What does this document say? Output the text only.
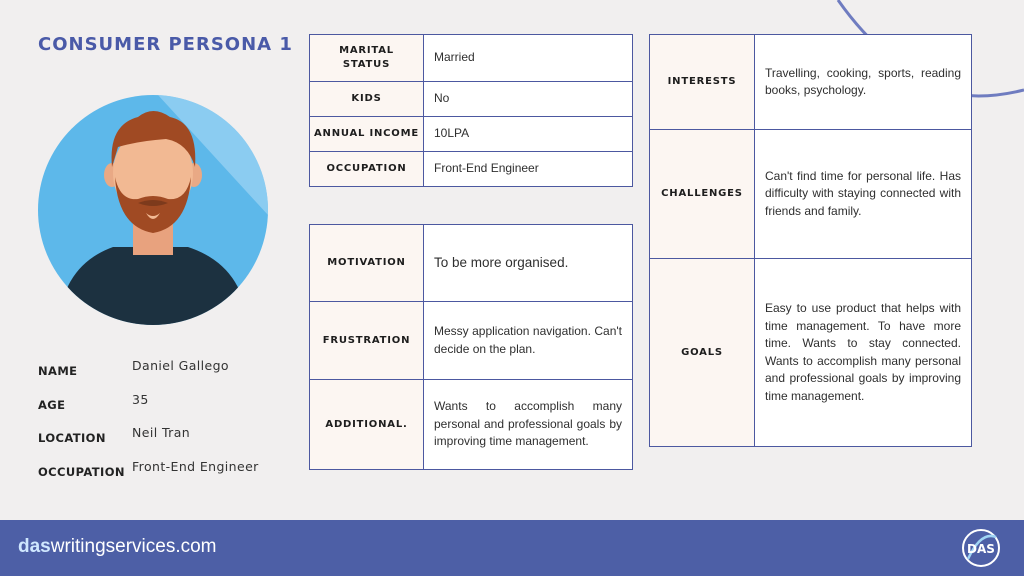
CONSUMER PERSONA 1
NAME	Daniel Gallego
AGE	35
LOCATION Neil Tran
OCCUPATION Front-End Engineer
MARITAL STATUS	Married
KIDS	No
ANNUAL INCOME	10LPA
OCCUPATION	Front-End Engineer
MOTIVATION	To be more organised.
FRUSTRATION	Messy application navigation. Can't decide on the plan.
ADDITIONAL.	Wants to accomplish many personal and professional goals by improving time management.
INTERESTS	Travelling, cooking, sports, reading books, psychology.
CHALLENGES	Can't find time for personal life. Has difficulty with staying connected with friends and family.
GOALS	Easy to use product that helps with time management. To have more time. Wants to stay connected. Wants to accomplish many personal and professional goals by improving time management.
daswritingservices.com	DAS
